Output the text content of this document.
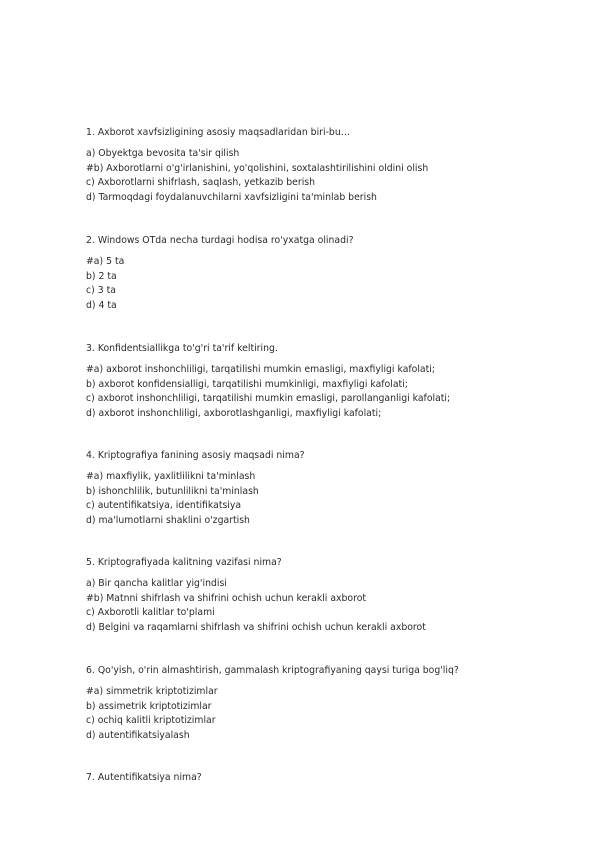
1. Axborot xavfsizligining asosiy maqsadlaridan biri-bu…
a) Obyektga bevosita ta'sir qilish
#b) Axborotlarni o'g'irlanishini, yo'qolishini, soxtalashtirilishini oldini olish
c) Axborotlarni shifrlash, saqlash, yetkazib berish
d) Tarmoqdagi foydalanuvchilarni xavfsizligini ta'minlab berish
2. Windows OTda necha turdagi hodisa ro'yxatga olinadi?
#a) 5 ta
b) 2 ta
c) 3 ta
d) 4 ta
3. Konfidentsiallikga to'g'ri ta'rif keltiring.
#a) axborot inshonchliligi, tarqatilishi mumkin emasligi, maxfiyligi kafolati;
b) axborot konfidensialligi, tarqatilishi mumkinligi, maxfiyligi kafolati;
c) axborot inshonchliligi, tarqatilishi mumkin emasligi, parollanganligi kafolati;
d) axborot inshonchliligi, axborotlashganligi, maxfiyligi kafolati;
4. Kriptografiya fanining asosiy maqsadi nima?
#a) maxfiylik, yaxlitlilikni ta'minlash
b) ishonchlilik, butunlilikni ta'minlash
c) autentifikatsiya, identifikatsiya
d) ma'lumotlarni shaklini o'zgartish
5. Kriptografiyada kalitning vazifasi nima?
a) Bir qancha kalitlar yig'indisi
#b) Matnni shifrlash va shifrini ochish uchun kerakli axborot
c) Axborotli kalitlar to'plami
d) Belgini va raqamlarni shifrlash va shifrini ochish uchun kerakli axborot
6. Qo'yish, o'rin almashtirish, gammalash kriptografiyaning qaysi turiga bog'liq?
#a) simmetrik kriptotizimlar
b) assimetrik kriptotizimlar
c) ochiq kalitli kriptotizimlar
d) autentifikatsiyalash
7. Autentifikatsiya nima?
